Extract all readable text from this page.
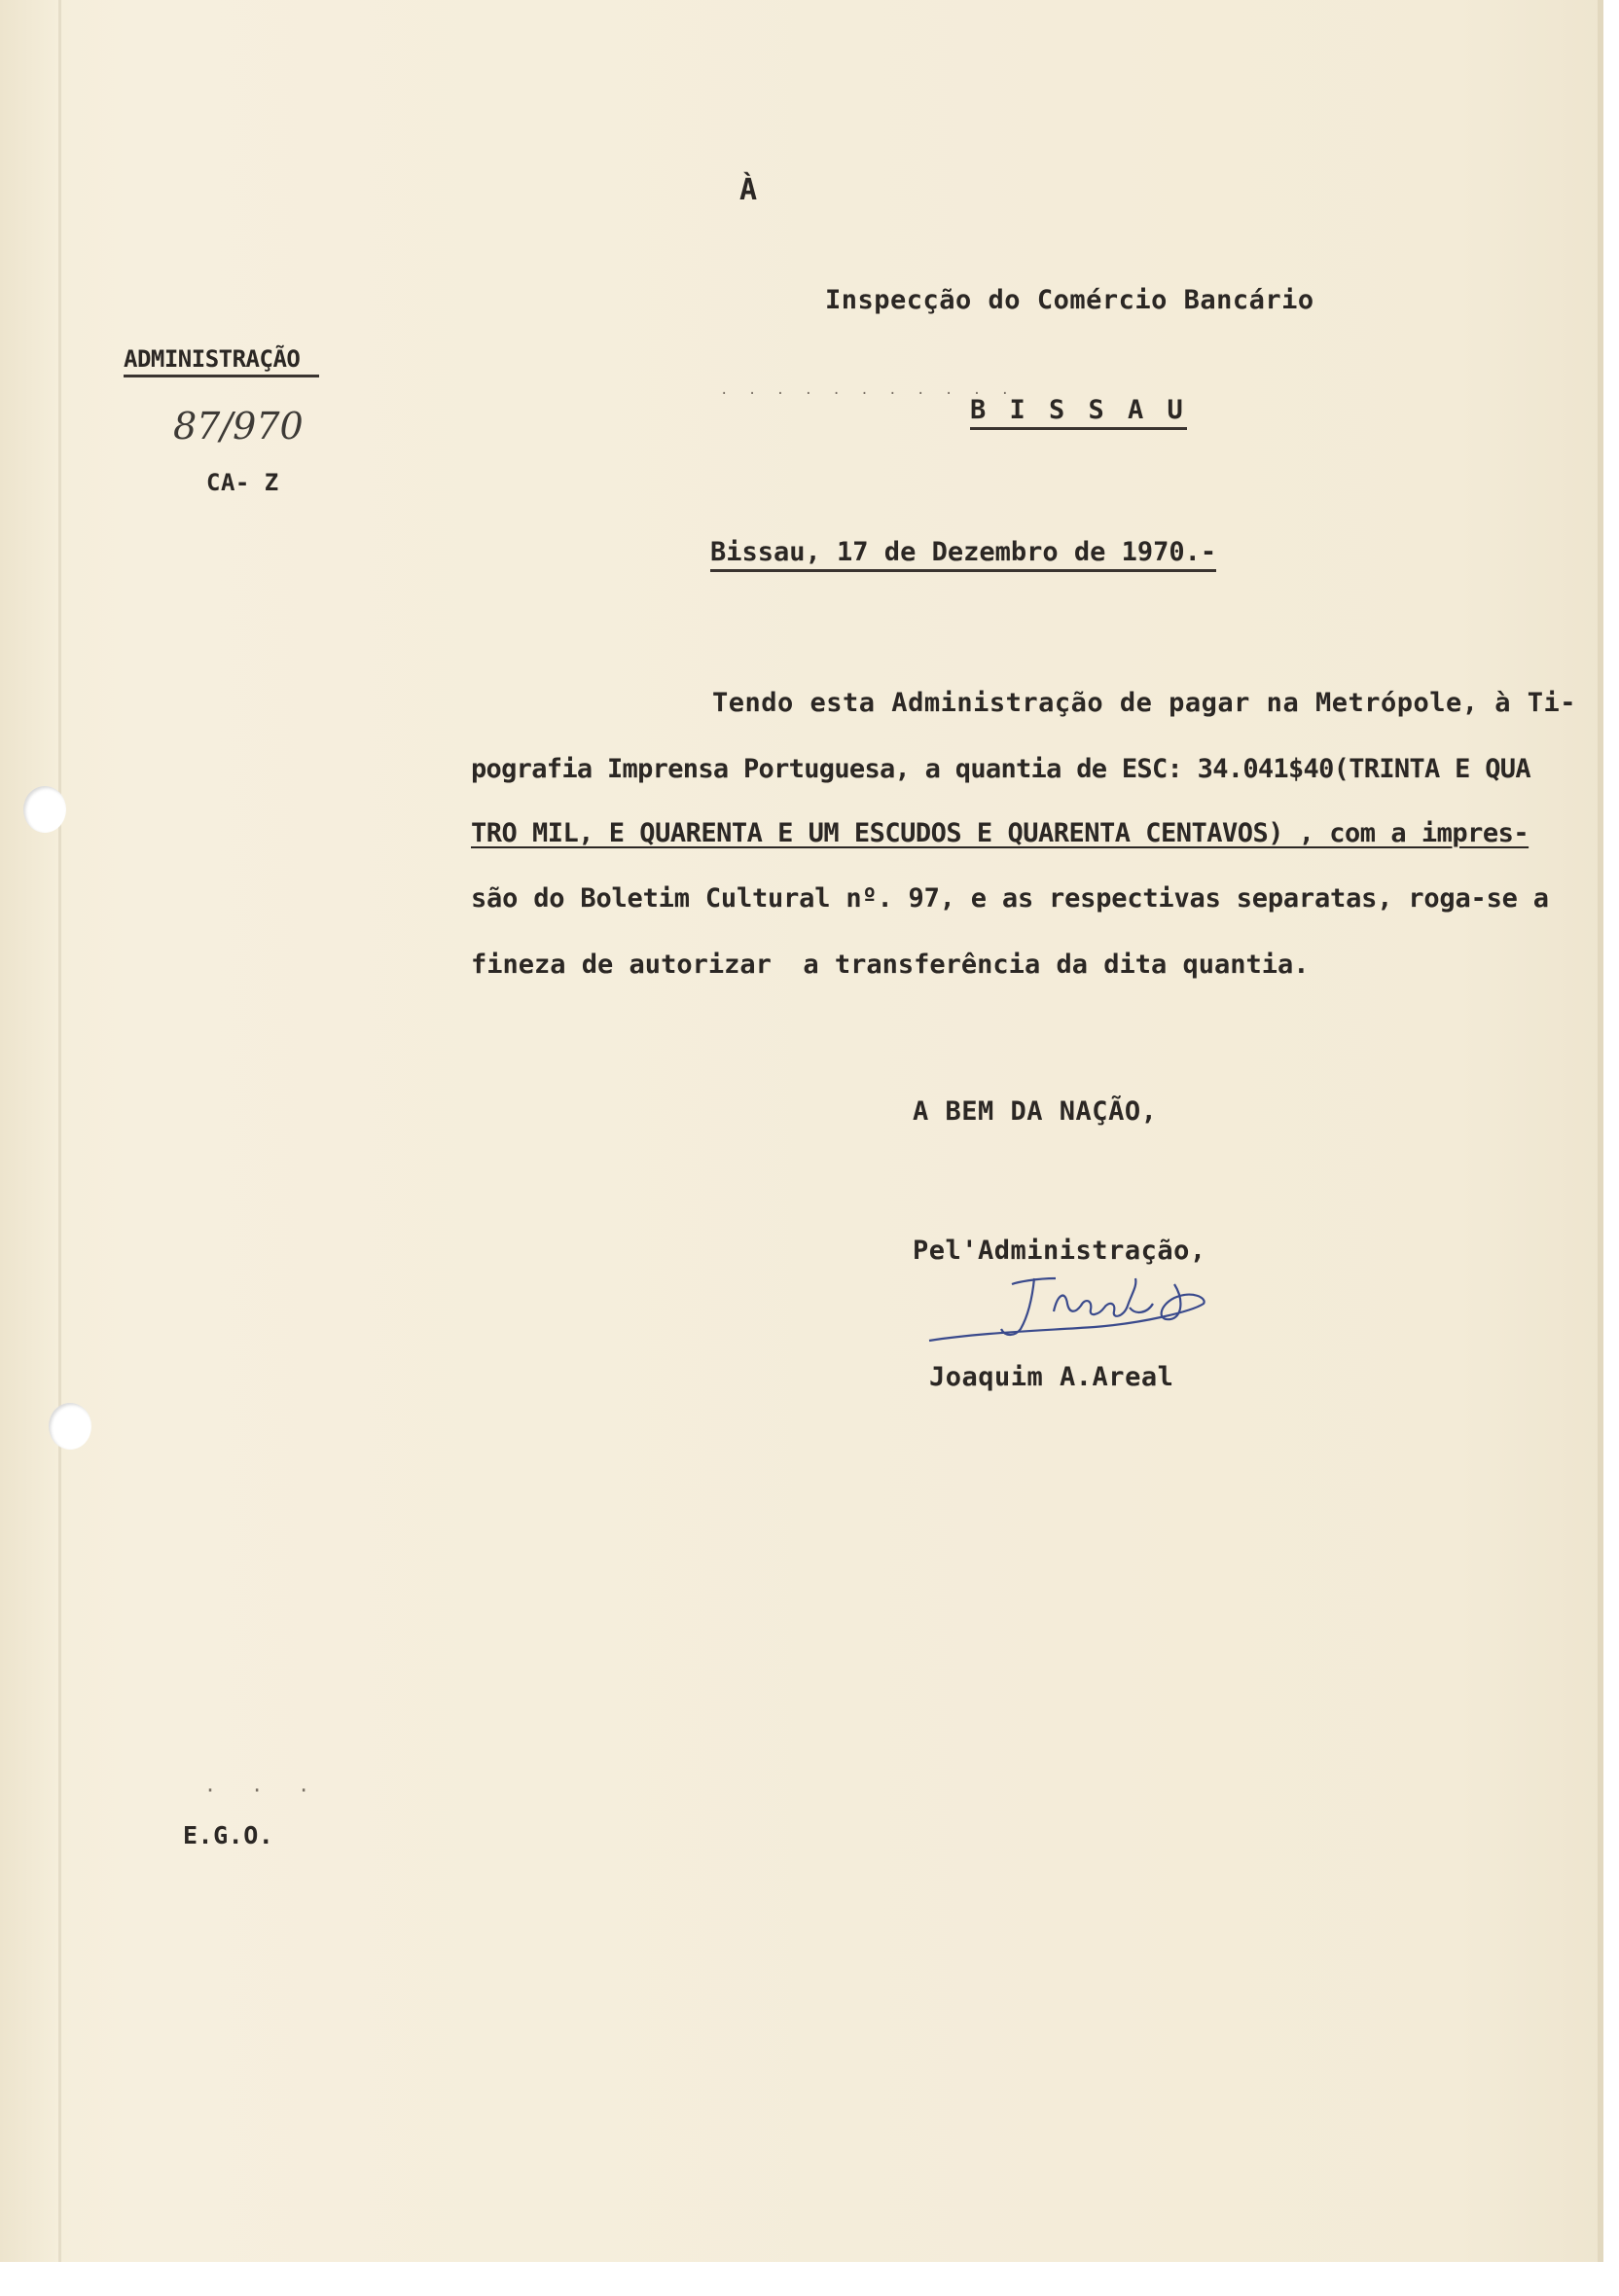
À
Inspecção do Comércio Bancário
· · · · · · · · · · ·
B I S S A U
ADMINISTRAÇÃO
87/970
CA- Z
Bissau, 17 de Dezembro de 1970.-
Tendo esta Administração de pagar na Metrópole, à Ti-
pografia Imprensa Portuguesa, a quantia de ESC: 34.041$40(TRINTA E QUA
TRO MIL, E QUARENTA E UM ESCUDOS E QUARENTA CENTAVOS) , com a impres-
são do Boletim Cultural nº. 97, e as respectivas separatas, roga-se a
fineza de autorizar  a transferência da dita quantia.
A BEM DA NAÇÃO,
Pel'Administração,
Joaquim A.Areal
· · ·
E.G.O.
